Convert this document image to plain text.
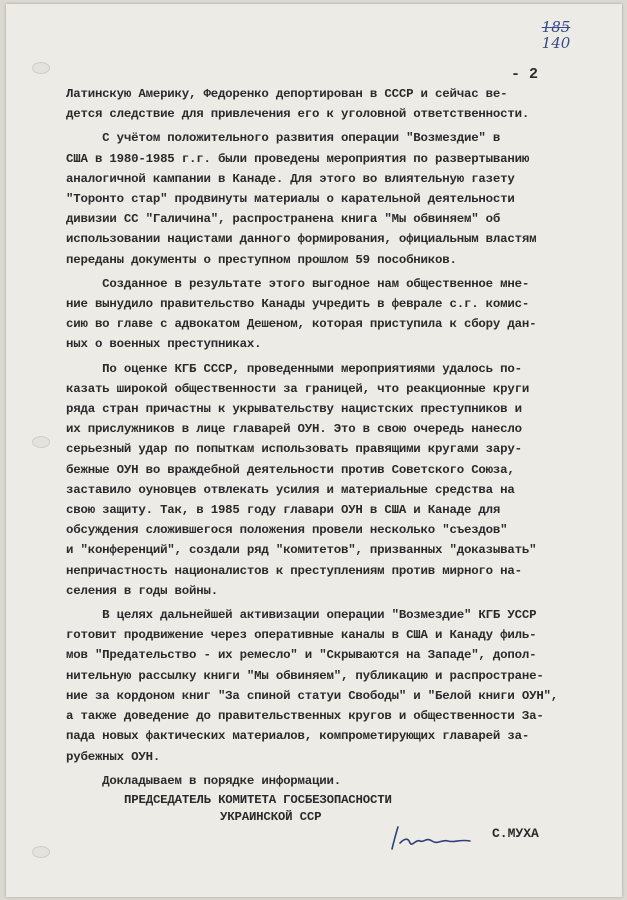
185
140
- 2

Латинскую Америку, Федоренко депортирован в СССР и сейчас ве-
дется следствие для привлечения его к уголовной ответственности.

С учётом положительного развития операции "Возмездие" в
США в 1980-1985 г.г. были проведены мероприятия по развертыванию
аналогичной кампании в Канаде. Для этого во влиятельную газету
"Торонто стар" продвинуты материалы о карательной деятельности
дивизии СС "Галичина", распространена книга "Мы обвиняем" об
использовании нацистами данного формирования, официальным властям
переданы документы о преступном прошлом 59 пособников.

Созданное в результате этого выгодное нам общественное мне-
ние вынудило правительство Канады учредить в феврале с.г. комис-
сию во главе с адвокатом Дешеном, которая приступила к сбору дан-
ных о военных преступниках.

По оценке КГБ СССР, проведенными мероприятиями удалось по-
казать широкой общественности за границей, что реакционные круги
ряда стран причастны к укрывательству нацистских преступников и
их прислужников в лице главарей ОУН. Это в свою очередь нанесло
серьезный удар по попыткам использовать правящими кругами зару-
бежные ОУН во враждебной деятельности против Советского Союза,
заставило оуновцев отвлекать усилия и материальные средства на
свою защиту. Так, в 1985 году главари ОУН в США и Канаде для
обсуждения сложившегося положения провели несколько "съездов"
и "конференций", создали ряд "комитетов", призванных "доказывать"
непричастность националистов к преступлениям против мирного на-
селения в годы войны.

В целях дальнейшей активизации операции "Возмездие" КГБ УССР
готовит продвижение через оперативные каналы в США и Канаду филь-
мов "Предательство - их ремесло" и "Скрываются на Западе", допол-
нительную рассылку книги "Мы обвиняем", публикацию и распростране-
ние за кордоном книг "За спиной статуи Свободы" и "Белой книги ОУН",
а также доведение до правительственных кругов и общественности За-
пада новых фактических материалов, компрометирующих главарей за-
рубежных ОУН.

Докладываем в порядке информации.

ПРЕДСЕДАТЕЛЬ КОМИТЕТА ГОСБЕЗОПАСНОСТИ
УКРАИНСКОЙ ССР
С.МУХА
